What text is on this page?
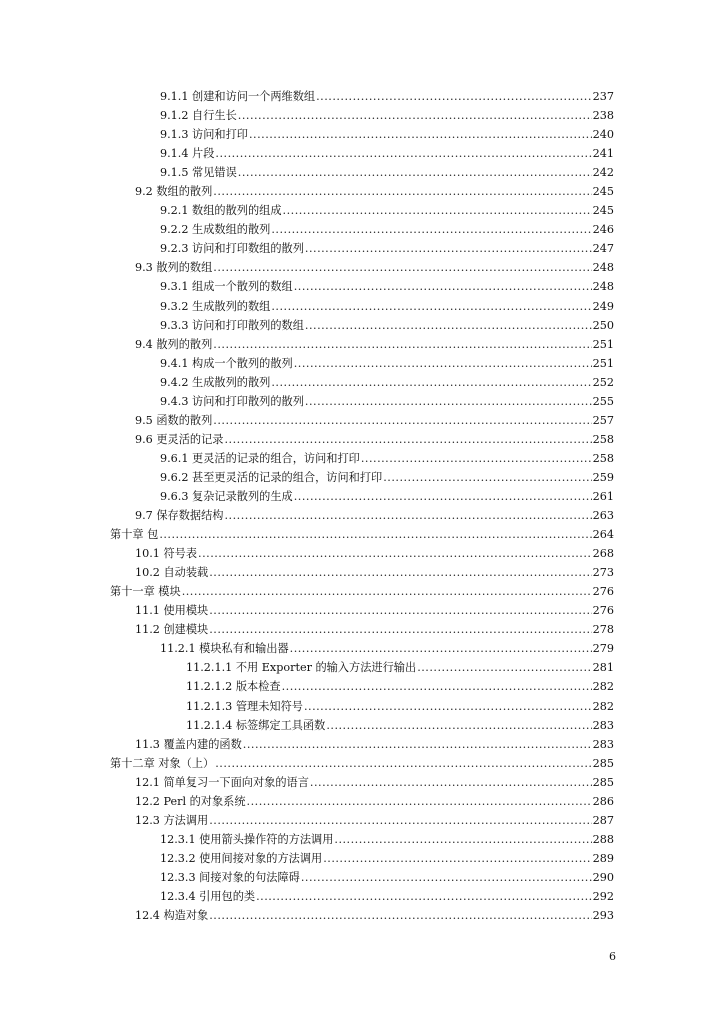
9.1.1 创建和访问一个两维数组 .....	237
9.1.2 自行生长 .....	238
9.1.3 访问和打印 .....	240
9.1.4 片段 .....	241
9.1.5 常见错误 .....	242
9.2 数组的散列 .....	245
9.2.1 数组的散列的组成 .....	245
9.2.2 生成数组的散列 .....	246
9.2.3 访问和打印数组的散列 .....	247
9.3 散列的数组 .....	248
9.3.1 组成一个散列的数组 .....	248
9.3.2 生成散列的数组 .....	249
9.3.3 访问和打印散列的数组 .....	250
9.4 散列的散列 .....	251
9.4.1 构成一个散列的散列 .....	251
9.4.2 生成散列的散列 .....	252
9.4.3 访问和打印散列的散列 .....	255
9.5 函数的散列 .....	257
9.6 更灵活的记录 .....	258
9.6.1 更灵活的记录的组合，访问和打印 .....	258
9.6.2 甚至更灵活的记录的组合，访问和打印 .....	259
9.6.3 复杂记录散列的生成 .....	261
9.7 保存数据结构 .....	263
第十章 包 .....	264
10.1 符号表 .....	268
10.2 自动装载 .....	273
第十一章 模块 .....	276
11.1 使用模块 .....	276
11.2 创建模块 .....	278
11.2.1 模块私有和输出器 .....	279
11.2.1.1 不用 Exporter 的输入方法进行输出 .....	281
11.2.1.2 版本检查 .....	282
11.2.1.3 管理未知符号 .....	282
11.2.1.4 标签绑定工具函数 .....	283
11.3 覆盖内建的函数 .....	283
第十二章 对象（上） .....	285
12.1 简单复习一下面向对象的语言 .....	285
12.2 Perl 的对象系统 .....	286
12.3 方法调用 .....	287
12.3.1 使用箭头操作符的方法调用 .....	288
12.3.2 使用间接对象的方法调用 .....	289
12.3.3 间接对象的句法障碍 .....	290
12.3.4 引用包的类 .....	292
12.4 构造对象 .....	293
6
